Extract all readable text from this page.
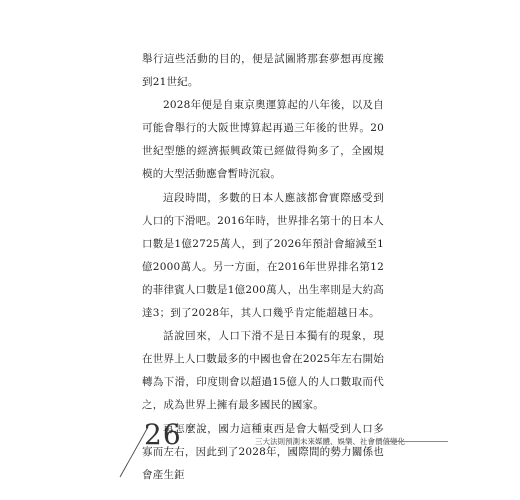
舉行這些活動的目的，便是試圖將那套夢想再度搬到21世紀。

2028年便是自東京奧運算起的八年後，以及自可能會舉行的大阪世博算起再過三年後的世界。20世紀型態的經濟振興政策已經做得夠多了，全國規模的大型活動應會暫時沉寂。

這段時間，多數的日本人應該都會實際感受到人口的下滑吧。2016年時，世界排名第十的日本人口數是1億2725萬人，到了2026年預計會縮減至1億2000萬人。另一方面，在2016年世界排名第12的菲律賓人口數是1億200萬人，出生率則是大約高達3；到了2028年，其人口幾乎肯定能超越日本。

話說回來，人口下滑不是日本獨有的現象，現在世界上人口數最多的中國也會在2025年左右開始轉為下滑，印度則會以超過15億人的人口數取而代之，成為世界上擁有最多國民的國家。

再怎麼說，國力這種東西是會大幅受到人口多寡而左右，因此到了2028年，國際間的勢力關係也會產生鉅

26	三大法則預測未來媒體、娛樂、社會價值變化
